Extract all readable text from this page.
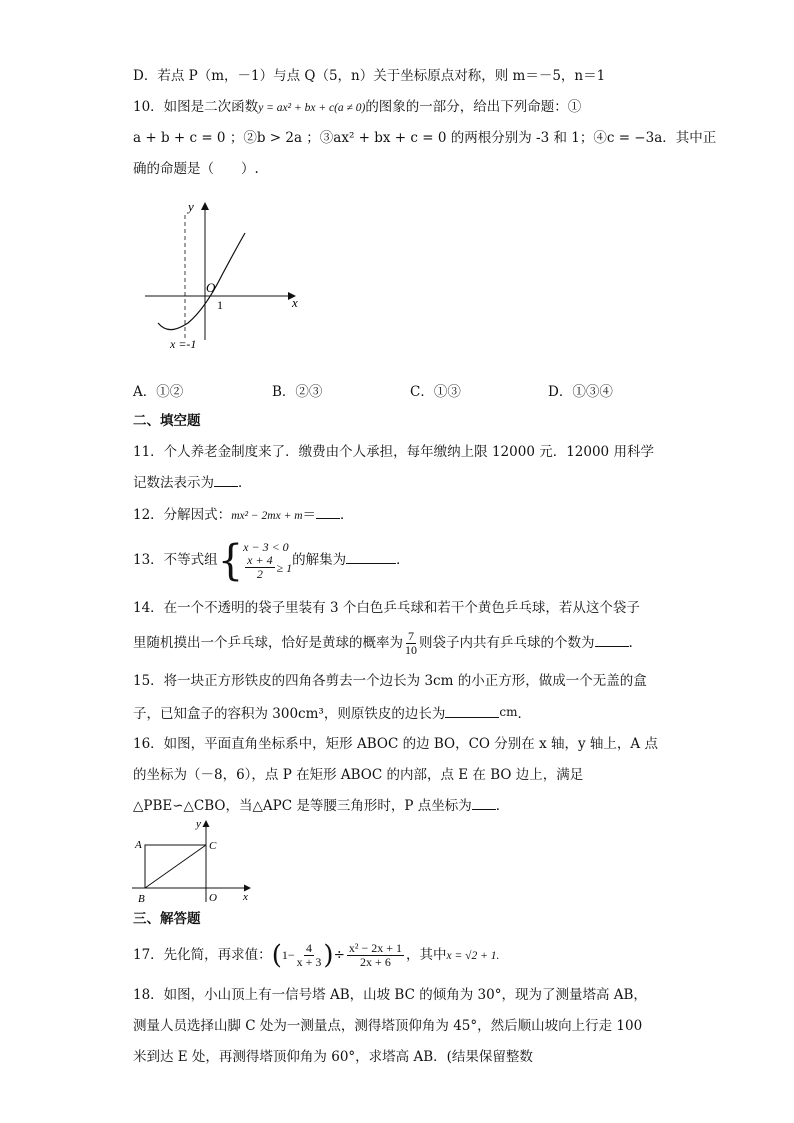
D．若点 P（m，－1）与点 Q（5，n）关于坐标原点对称，则 m＝－5，n＝1
10．如图是二次函数y = ax² + bx + c(a ≠ 0)的图象的一部分，给出下列命题：①
a + b + c = 0 ；②b > 2a ；③ax² + bx + c = 0 的两根分别为 -3 和 1；④c = −3a．其中正
确的命题是（　　）.
y
x
O
1
x =-1
A．①②	B．②③	C．①③	D．①③④
二、填空题
11．个人养老金制度来了．缴费由个人承担，每年缴纳上限 12000 元．12000 用科学
记数法表示为 ．
12．分解因式：mx² − 2mx + m＝ ．
13．不等式组 { x − 3 < 0
$\frac{x + 4}{2} \ge 1$ 的解集为	．
14．在一个不透明的袋子里装有 3 个白色乒乓球和若干个黄色乒乓球，若从这个袋子
里随机摸出一个乒乓球，恰好是黄球的概率为 $\frac{7}{10}$ 则袋子内共有乒乓球的个数为	.
15．将一块正方形铁皮的四角各剪去一个边长为 3cm 的小正方形，做成一个无盖的盒
子，已知盒子的容积为 300cm³，则原铁皮的边长为	cm．
16．如图，平面直角坐标系中，矩形 ABOC 的边 BO，CO 分别在 x 轴，y 轴上，A 点
的坐标为（－8，6），点 P 在矩形 ABOC 的内部，点 E 在 BO 边上，满足
△PBE∽△CBO，当△APC 是等腰三角形时，P 点坐标为 ．
A
B
C
O x
y
三、解答题
17．先化简，再求值：($1- \frac{4}{x + 3}$ )÷ $\frac{\text{x² − 2x + 1}}{2x + 6}$ ，其中x = √2 + 1.
18．如图，小山顶上有一信号塔 AB，山坡 BC 的倾角为 30°，现为了测量塔高 AB，
测量人员选择山脚 C 处为一测量点，测得塔顶仰角为 45°，然后顺山坡向上行走 100
米到达 E 处，再测得塔顶仰角为 60°，求塔高 AB．(结果保留整数
